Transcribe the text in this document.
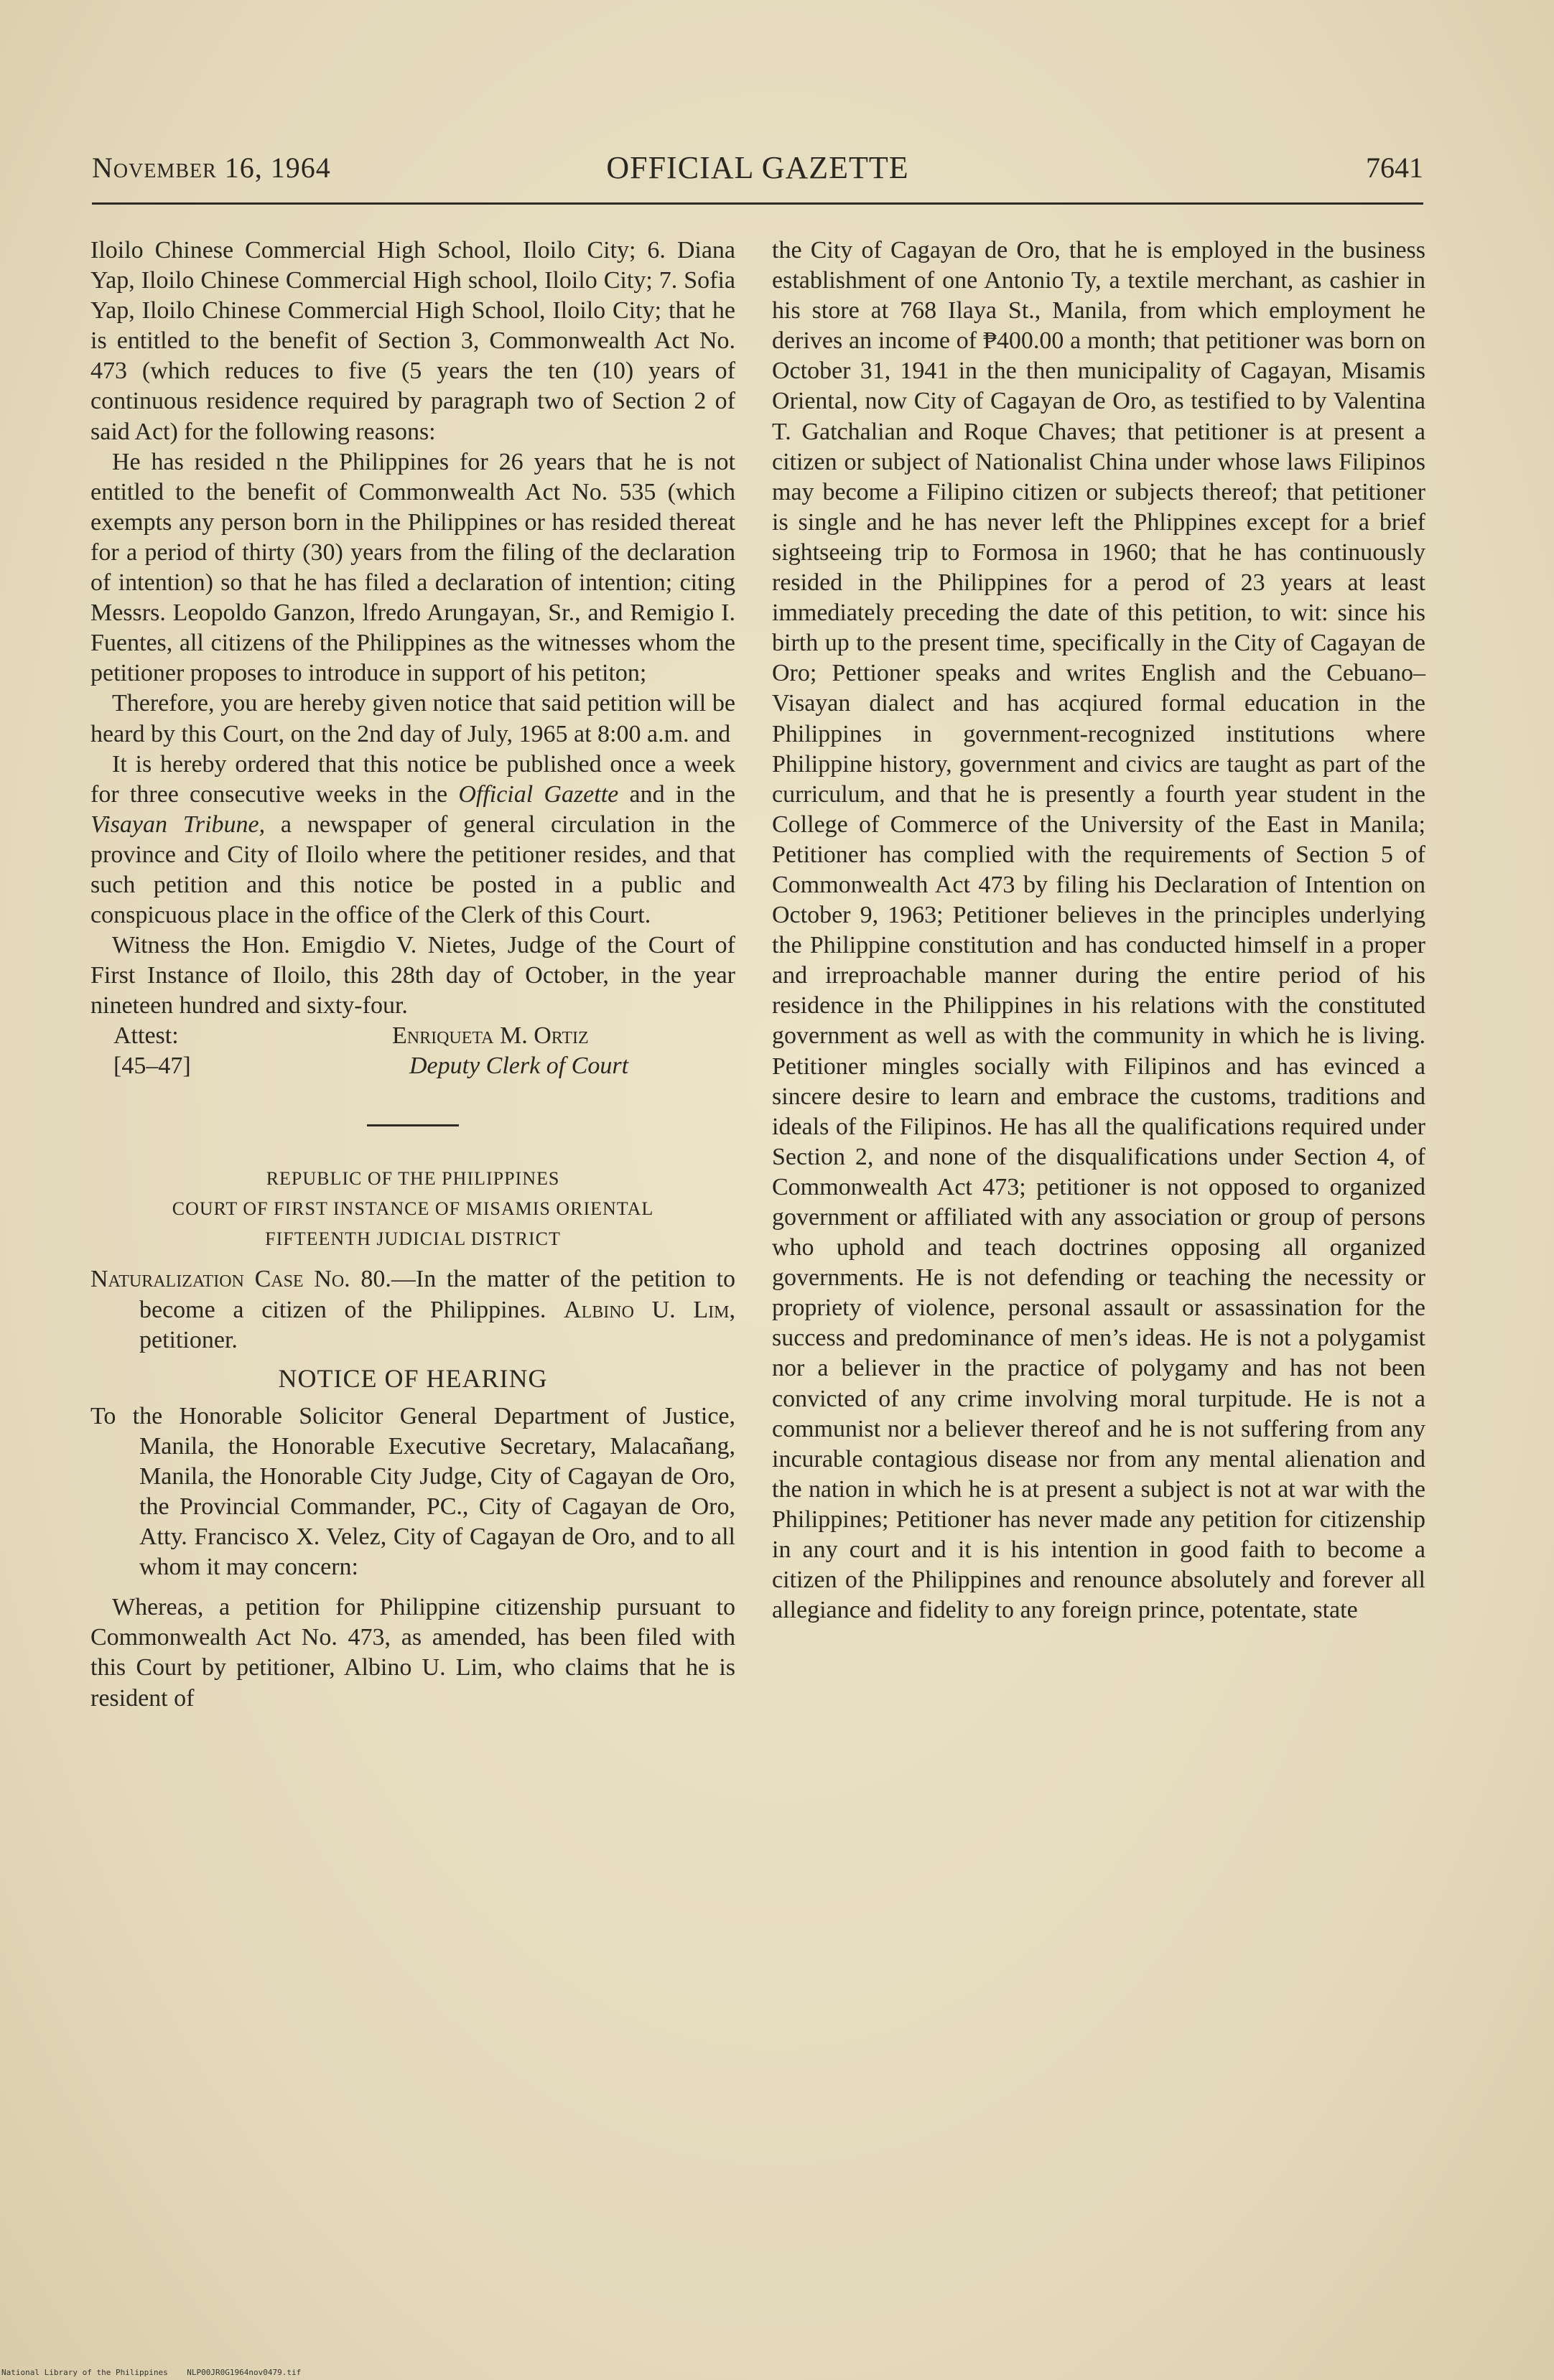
November 16, 1964	OFFICIAL GAZETTE	7641

Iloilo Chinese Commercial High School, Iloilo City; 6. Diana Yap, Iloilo Chinese Commercial High school, Iloilo City; 7. Sofia Yap, Iloilo Chinese Commercial High School, Iloilo City; that he is entitled to the benefit of Section 3, Commonwealth Act No. 473 (which reduces to five (5 years the ten (10) years of continuous residence required by paragraph two of Section 2 of said Act) for the following reasons:

He has resided n the Philippines for 26 years that he is not entitled to the benefit of Commonwealth Act No. 535 (which exempts any person born in the Philippines or has resided thereat for a period of thirty (30) years from the filing of the declaration of intention) so that he has filed a declaration of intention; citing Messrs. Leopoldo Ganzon, lfredo Arungayan, Sr., and Remigio I. Fuentes, all citizens of the Philippines as the witnesses whom the petitioner proposes to introduce in support of his petiton;

Therefore, you are hereby given notice that said petition will be heard by this Court, on the 2nd day of July, 1965 at 8:00 a.m. and

It is hereby ordered that this notice be published once a week for three consecutive weeks in the Official Gazette and in the Visayan Tribune, a newspaper of general circulation in the province and City of Iloilo where the petitioner resides, and that such petition and this notice be posted in a public and conspicuous place in the office of the Clerk of this Court.

Witness the Hon. Emigdio V. Nietes, Judge of the Court of First Instance of Iloilo, this 28th day of October, in the year nineteen hundred and sixty-four.

Attest:
[45–47]
Enriqueta M. Ortiz
Deputy Clerk of Court
REPUBLIC OF THE PHILIPPINES
COURT OF FIRST INSTANCE OF MISAMIS ORIENTAL
FIFTEENTH JUDICIAL DISTRICT

Naturalization Case No. 80.—In the matter of the petition to become a citizen of the Philippines. Albino U. Lim, petitioner.

NOTICE OF HEARING

To the Honorable Solicitor General Department of Justice, Manila, the Honorable Executive Secretary, Malacañang, Manila, the Honorable City Judge, City of Cagayan de Oro, the Provincial Commander, PC., City of Cagayan de Oro, Atty. Francisco X. Velez, City of Cagayan de Oro, and to all whom it may concern:

Whereas, a petition for Philippine citizenship pursuant to Commonwealth Act No. 473, as amended, has been filed with this Court by petitioner, Albino U. Lim, who claims that he is resident of

the City of Cagayan de Oro, that he is employed in the business establishment of one Antonio Ty, a textile merchant, as cashier in his store at 768 Ilaya St., Manila, from which employment he derives an income of ₱400.00 a month; that petitioner was born on October 31, 1941 in the then municipality of Cagayan, Misamis Oriental, now City of Cagayan de Oro, as testified to by Valentina T. Gatchalian and Roque Chaves; that petitioner is at present a citizen or subject of Nationalist China under whose laws Filipinos may become a Filipino citizen or subjects thereof; that petitioner is single and he has never left the Phlippines except for a brief sightseeing trip to Formosa in 1960; that he has continuously resided in the Philippines for a perod of 23 years at least immediately preceding the date of this petition, to wit: since his birth up to the present time, specifically in the City of Cagayan de Oro; Pettioner speaks and writes English and the Cebuano–Visayan dialect and has acqiured formal education in the Philippines in government-recognized institutions where Philippine history, government and civics are taught as part of the curriculum, and that he is presently a fourth year student in the College of Commerce of the University of the East in Manila; Petitioner has complied with the requirements of Section 5 of Commonwealth Act 473 by filing his Declaration of Intention on October 9, 1963; Petitioner believes in the principles underlying the Philippine constitution and has conducted himself in a proper and irreproachable manner during the entire period of his residence in the Philippines in his relations with the constituted government as well as with the community in which he is living. Petitioner mingles socially with Filipinos and has evinced a sincere desire to learn and embrace the customs, traditions and ideals of the Filipinos. He has all the qualifications required under Section 2, and none of the disqualifications under Section 4, of Commonwealth Act 473; petitioner is not opposed to organized government or affiliated with any association or group of persons who uphold and teach doctrines opposing all organized governments. He is not defending or teaching the necessity or propriety of violence, personal assault or assassination for the success and predominance of men’s ideas. He is not a polygamist nor a believer in the practice of polygamy and has not been convicted of any crime involving moral turpitude. He is not a communist nor a believer thereof and he is not suffering from any incurable contagious disease nor from any mental alienation and the nation in which he is at present a subject is not at war with the Philippines; Petitioner has never made any petition for citizenship in any court and it is his intention in good faith to become a citizen of the Philippines and renounce absolutely and forever all allegiance and fidelity to any foreign prince, potentate, state

National Library of the Philippines NLP00JR0G1964nov0479.tif
